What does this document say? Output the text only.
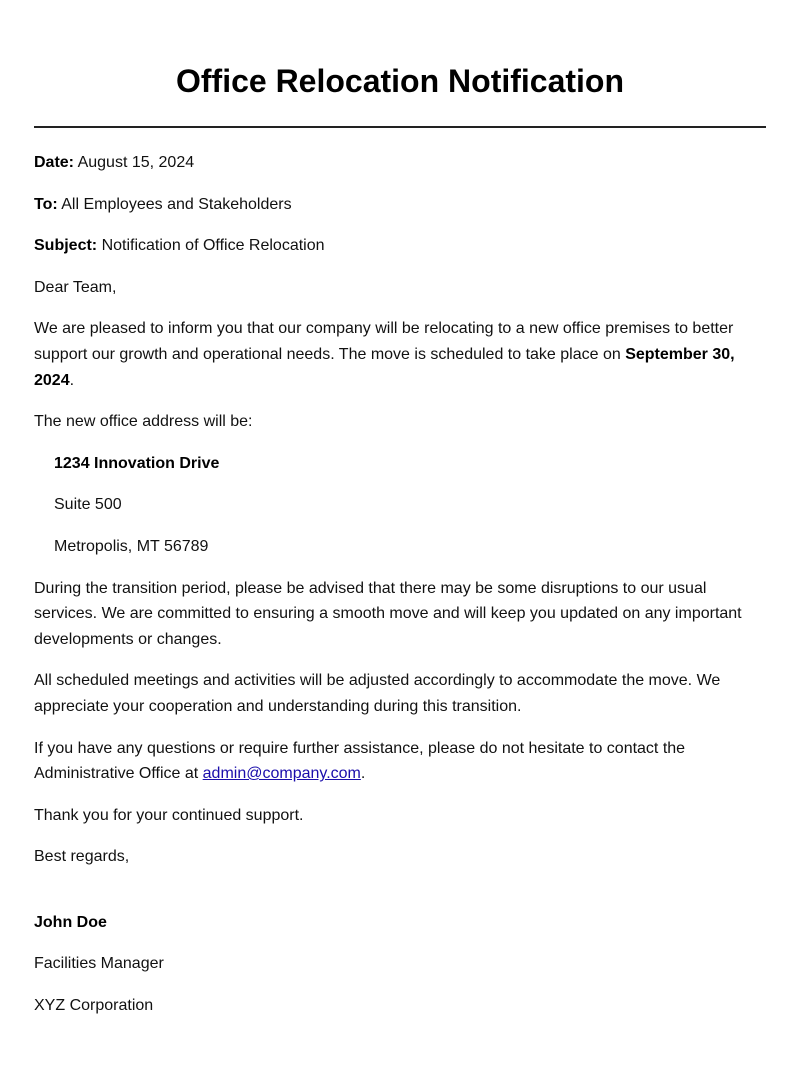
Office Relocation Notification

Date: August 15, 2024

To: All Employees and Stakeholders

Subject: Notification of Office Relocation

Dear Team,

We are pleased to inform you that our company will be relocating to a new office premises to better support our growth and operational needs. The move is scheduled to take place on September 30, 2024.

The new office address will be:

1234 Innovation Drive

Suite 500

Metropolis, MT 56789

During the transition period, please be advised that there may be some disruptions to our usual services. We are committed to ensuring a smooth move and will keep you updated on any important developments or changes.

All scheduled meetings and activities will be adjusted accordingly to accommodate the move. We appreciate your cooperation and understanding during this transition.

If you have any questions or require further assistance, please do not hesitate to contact the Administrative Office at admin@company.com.

Thank you for your continued support.

Best regards,

John Doe

Facilities Manager

XYZ Corporation
